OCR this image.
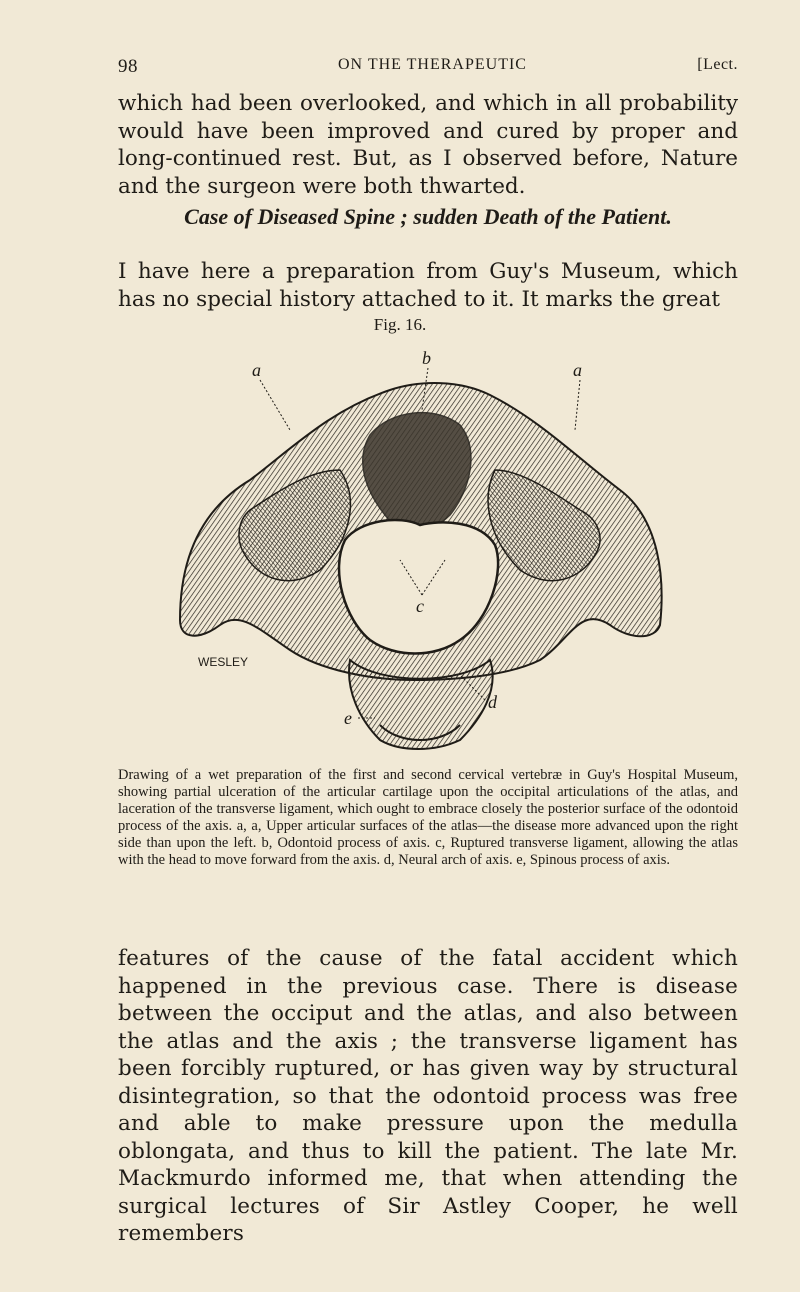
98	ON THE THERAPEUTIC	[Lect.

which had been overlooked, and which in all probability would have been improved and cured by proper and long-continued rest. But, as I observed before, Nature and the surgeon were both thwarted.

Case of Diseased Spine ; sudden Death of the Patient.

I have here a preparation from Guy's Museum, which has no special history attached to it. It marks the great

Fig. 16.
a	a
b
c
d
e
WESLEY

Drawing of a wet preparation of the first and second cervical vertebræ in Guy's Hospital Museum, showing partial ulceration of the articular cartilage upon the occipital articulations of the atlas, and laceration of the transverse ligament, which ought to embrace closely the posterior surface of the odontoid process of the axis. a, a, Upper articular surfaces of the atlas—the disease more advanced upon the right side than upon the left. b, Odontoid process of axis. c, Ruptured transverse ligament, allowing the atlas with the head to move forward from the axis. d, Neural arch of axis. e, Spinous process of axis.

features of the cause of the fatal accident which happened in the previous case. There is disease between the occiput and the atlas, and also between the atlas and the axis ; the transverse ligament has been forcibly ruptured, or has given way by structural disintegration, so that the odontoid process was free and able to make pressure upon the medulla oblongata, and thus to kill the patient. The late Mr. Mackmurdo informed me, that when attending the surgical lectures of Sir Astley Cooper, he well remembers
